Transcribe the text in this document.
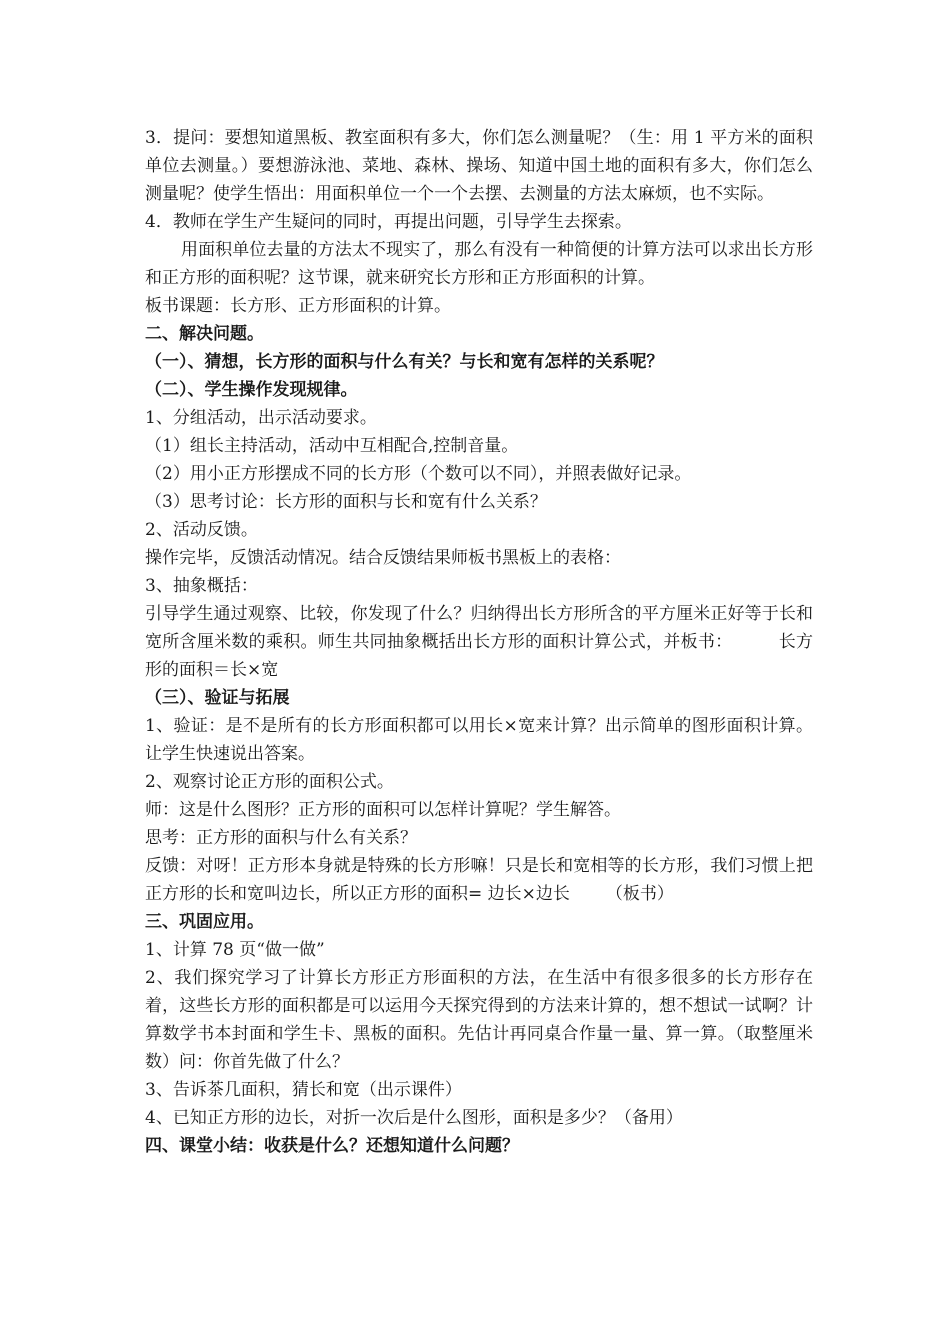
3．提问：要想知道黑板、教室面积有多大，你们怎么测量呢？（生：用 1 平方米的面积单位去测量。）要想游泳池、菜地、森林、操场、知道中国土地的面积有多大，你们怎么测量呢？使学生悟出：用面积单位一个一个去摆、去测量的方法太麻烦，也不实际。

4．教师在学生产生疑问的同时，再提出问题，引导学生去探索。

用面积单位去量的方法太不现实了，那么有没有一种简便的计算方法可以求出长方形和正方形的面积呢？这节课，就来研究长方形和正方形面积的计算。

板书课题：长方形、正方形面积的计算。

二、解决问题。

（一）、猜想，长方形的面积与什么有关？与长和宽有怎样的关系呢？

（二）、学生操作发现规律。

1、分组活动，出示活动要求。

（1）组长主持活动，活动中互相配合,控制音量。

（2）用小正方形摆成不同的长方形（个数可以不同），并照表做好记录。

（3）思考讨论：长方形的面积与长和宽有什么关系？

2、活动反馈。

操作完毕，反馈活动情况。结合反馈结果师板书黑板上的表格：

3、抽象概括：

引导学生通过观察、比较，你发现了什么？归纳得出长方形所含的平方厘米正好等于长和宽所含厘米数的乘积。师生共同抽象概括出长方形的面积计算公式，并板书：	长方形的面积＝长×宽

（三）、验证与拓展

1、验证：是不是所有的长方形面积都可以用长×宽来计算？出示简单的图形面积计算。让学生快速说出答案。

2、观察讨论正方形的面积公式。

师：这是什么图形？正方形的面积可以怎样计算呢？学生解答。

思考：正方形的面积与什么有关系？

反馈：对呀！正方形本身就是特殊的长方形嘛！只是长和宽相等的长方形，我们习惯上把正方形的长和宽叫边长，所以正方形的面积= 边长×边长 （板书）

三、巩固应用。

1、计算 78 页“做一做”

2、我们探究学习了计算长方形正方形面积的方法，在生活中有很多很多的长方形存在着，这些长方形的面积都是可以运用今天探究得到的方法来计算的，想不想试一试啊？计算数学书本封面和学生卡、黑板的面积。先估计再同桌合作量一量、算一算。（取整厘米数）问：你首先做了什么？

3、告诉茶几面积，猜长和宽（出示课件）

4、已知正方形的边长，对折一次后是什么图形，面积是多少？（备用）

四、课堂小结：收获是什么？还想知道什么问题？
